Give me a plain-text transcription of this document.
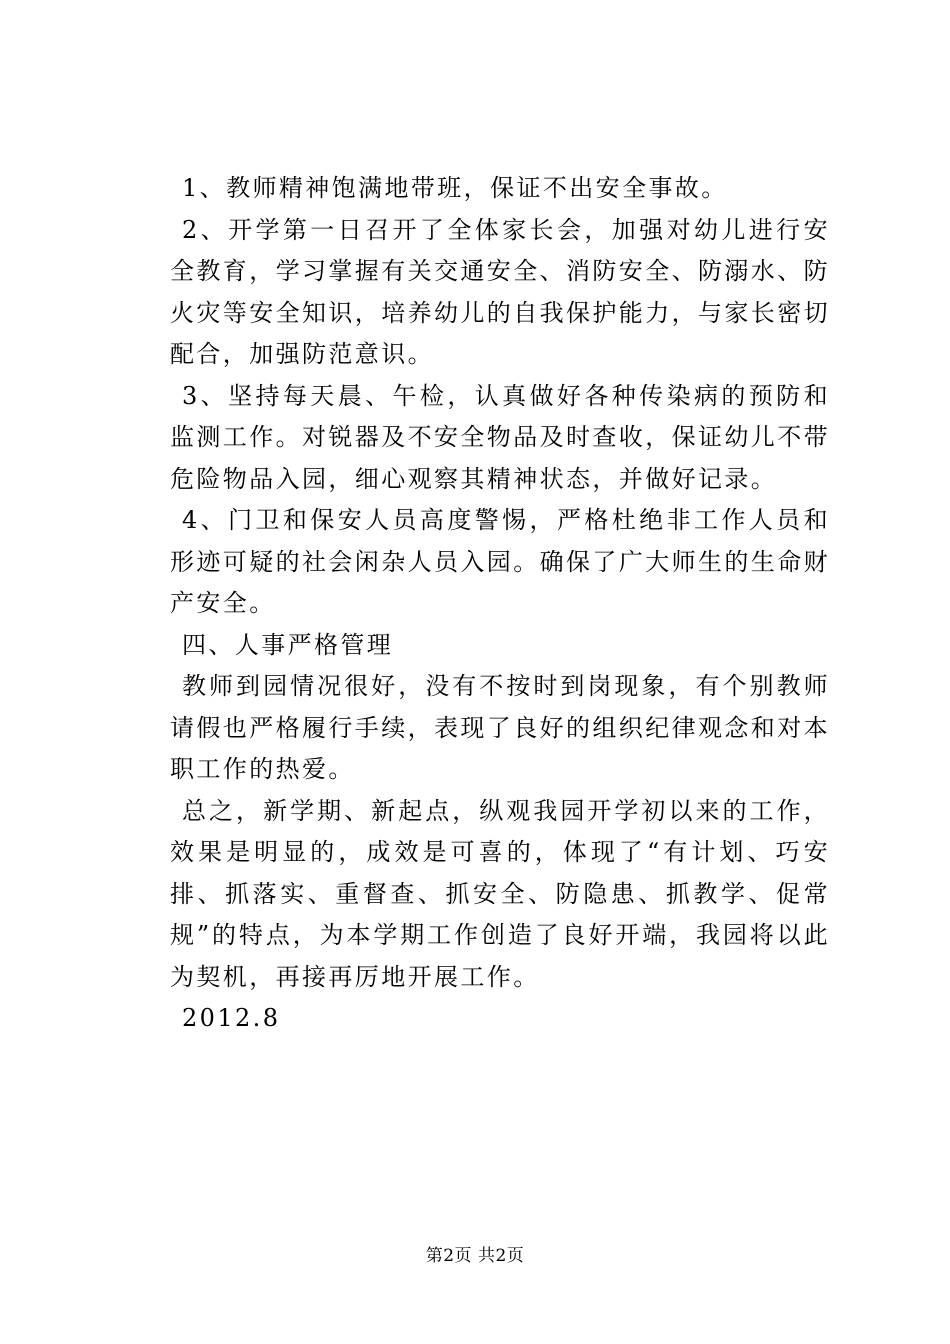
1、教师精神饱满地带班，保证不出安全事故。

2、开学第一日召开了全体家长会，加强对幼儿进行安全教育，学习掌握有关交通安全、消防安全、防溺水、防火灾等安全知识，培养幼儿的自我保护能力，与家长密切配合，加强防范意识。

3、坚持每天晨、午检，认真做好各种传染病的预防和监测工作。对锐器及不安全物品及时查收，保证幼儿不带危险物品入园，细心观察其精神状态，并做好记录。

4、门卫和保安人员高度警惕，严格杜绝非工作人员和形迹可疑的社会闲杂人员入园。确保了广大师生的生命财产安全。

四、人事严格管理

教师到园情况很好，没有不按时到岗现象，有个别教师请假也严格履行手续，表现了良好的组织纪律观念和对本职工作的热爱。

总之，新学期、新起点，纵观我园开学初以来的工作，效果是明显的，成效是可喜的，体现了“有计划、巧安排、抓落实、重督查、抓安全、防隐患、抓教学、促常规”的特点，为本学期工作创造了良好开端，我园将以此为契机，再接再厉地开展工作。

2012.8

第2页 共2页
